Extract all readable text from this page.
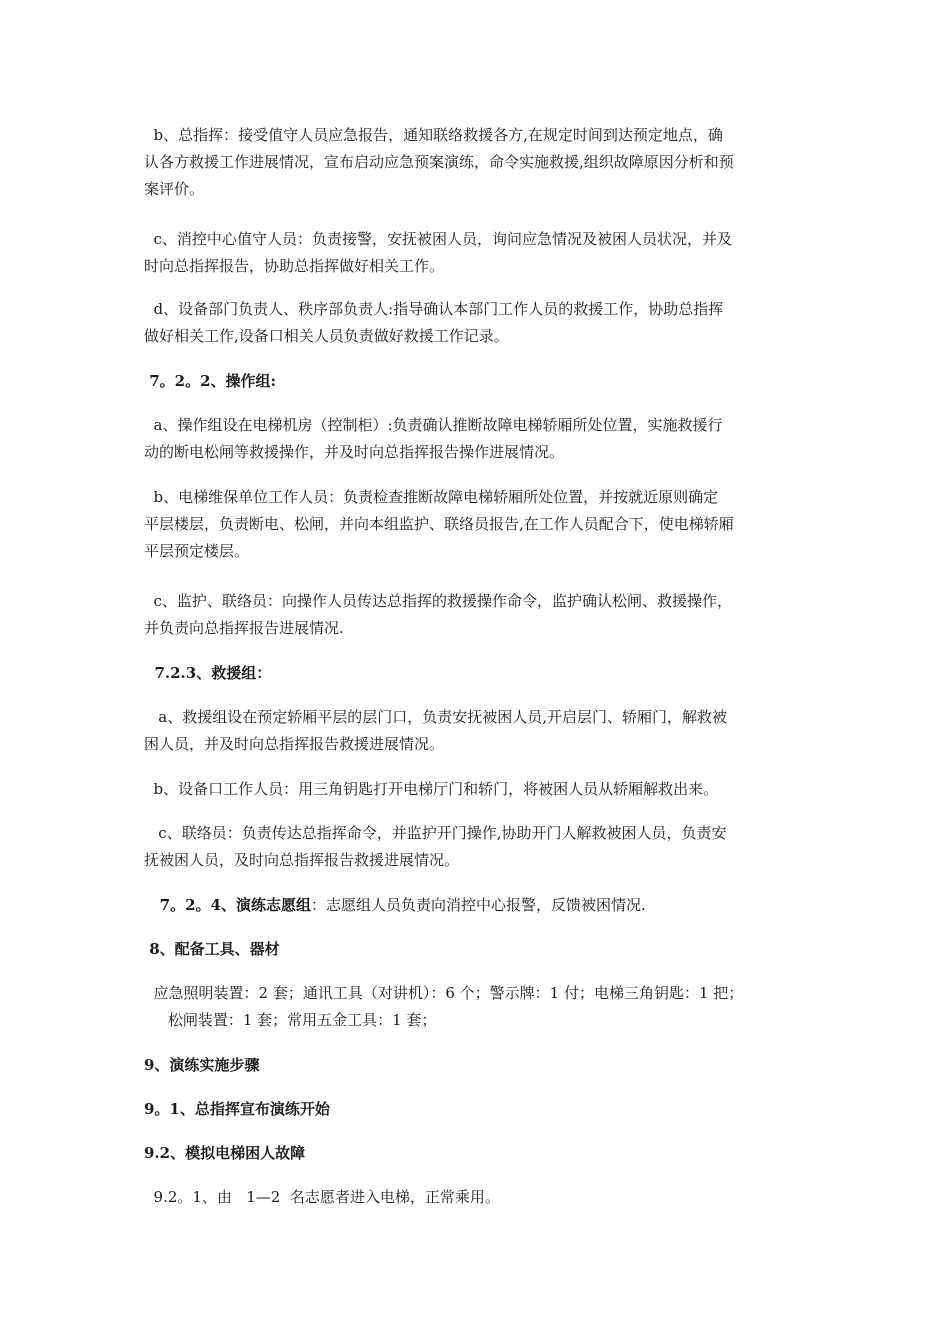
b、总指挥：接受值守人员应急报告，通知联络救援各方,在规定时间到达预定地点，确
认各方救援工作进展情况，宣布启动应急预案演练，命令实施救援,组织故障原因分析和预
案评价。

c、消控中心值守人员：负责接警，安抚被困人员，询问应急情况及被困人员状况，并及
时向总指挥报告，协助总指挥做好相关工作。

d、设备部门负责人、秩序部负责人:指导确认本部门工作人员的救援工作，协助总指挥
做好相关工作,设备口相关人员负责做好救援工作记录。

7。2。2、操作组:

a、操作组设在电梯机房（控制柜）:负责确认推断故障电梯轿厢所处位置，实施救援行
动的断电松闸等救援操作，并及时向总指挥报告操作进展情况。

b、电梯维保单位工作人员：负责检查推断故障电梯轿厢所处位置，并按就近原则确定
平层楼层，负责断电、松闸，并向本组监护、联络员报告,在工作人员配合下，使电梯轿厢
平层预定楼层。

c、监护、联络员：向操作人员传达总指挥的救援操作命令，监护确认松闸、救援操作，
并负责向总指挥报告进展情况.

7.2.3、救援组：

a、救援组设在预定轿厢平层的层门口，负责安抚被困人员,开启层门、轿厢门，解救被
困人员，并及时向总指挥报告救援进展情况。

b、设备口工作人员：用三角钥匙打开电梯厅门和轿门，将被困人员从轿厢解救出来。

c、联络员：负责传达总指挥命令，并监护开门操作,协助开门人解救被困人员，负责安
抚被困人员，及时向总指挥报告救援进展情况。

7。2。4、演练志愿组：志愿组人员负责向消控中心报警，反馈被困情况.

8、配备工具、器材

应急照明装置：2 套；通讯工具（对讲机）：6 个；警示牌：1 付；电梯三角钥匙：1 把；
松闸装置：1 套；常用五金工具：1 套；

9、演练实施步骤

9。1、总指挥宣布演练开始

9.2、模拟电梯困人故障

9.2。1、由   1—2  名志愿者进入电梯，正常乘用。
